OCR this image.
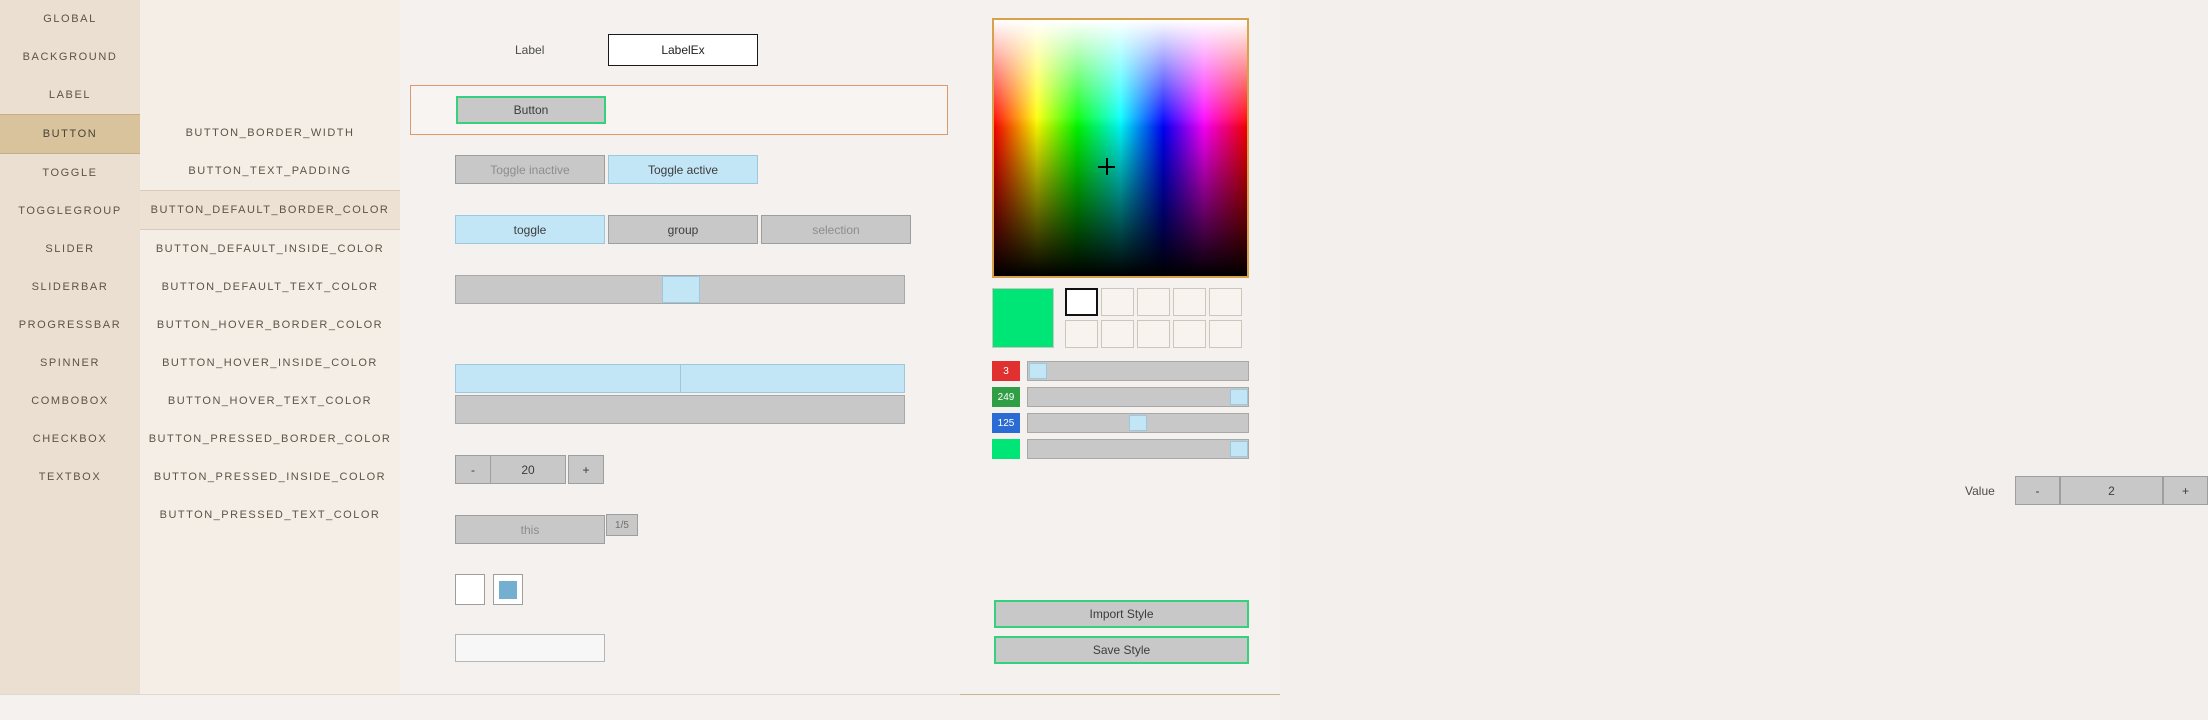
GLOBAL
BACKGROUND
LABEL
BUTTON
TOGGLE
TOGGLEGROUP
SLIDER
SLIDERBAR
PROGRESSBAR
SPINNER
COMBOBOX
CHECKBOX
TEXTBOX
BUTTON_BORDER_WIDTH
BUTTON_TEXT_PADDING
BUTTON_DEFAULT_BORDER_COLOR
BUTTON_DEFAULT_INSIDE_COLOR
BUTTON_DEFAULT_TEXT_COLOR
BUTTON_HOVER_BORDER_COLOR
BUTTON_HOVER_INSIDE_COLOR
BUTTON_HOVER_TEXT_COLOR
BUTTON_PRESSED_BORDER_COLOR
BUTTON_PRESSED_INSIDE_COLOR
BUTTON_PRESSED_TEXT_COLOR
Label	LabelEx
Button
Toggle inactive	Toggle active
toggle	group	selection
-	20	+
this	1/5
3
249
125
Value	-	2	+
Import Style
Save Style
